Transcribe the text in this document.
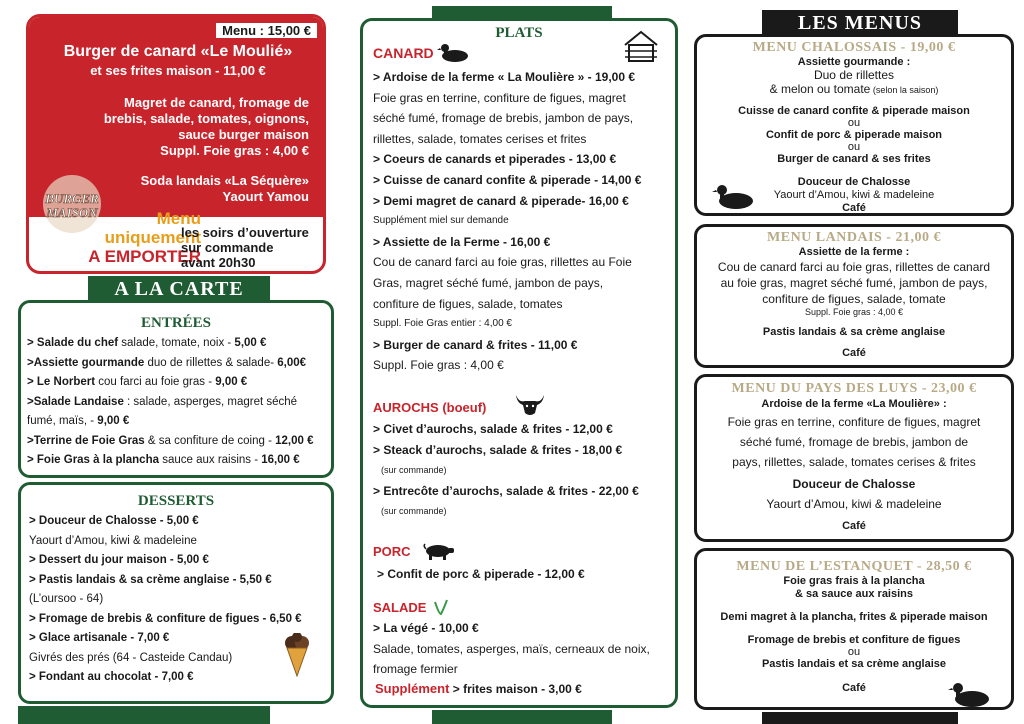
Menu : 15,00 €
Burger de canard «Le Moulié»
et ses frites maison - 11,00 €
Magret de canard, fromage de
brebis, salade, tomates, oignons,
sauce burger maison
Suppl. Foie gras : 4,00 €
Soda landais «La Séquère»
Yaourt Yamou
BURGER
MAISON	Menu
uniquement
A EMPORTER
les soirs d’ouverture
sur commande
avant 20h30
A LA CARTE
ENTRÉES
> Salade du chef salade, tomate, noix - 5,00 €
>Assiette gourmande duo de rillettes & salade- 6,00€
> Le Norbert cou farci au foie gras - 9,00 €
>Salade Landaise : salade, asperges, magret séché
fumé, maïs, - 9,00 €
>Terrine de Foie Gras & sa confiture de coing - 12,00 €
> Foie Gras à la plancha sauce aux raisins - 16,00 €
DESSERTS
> Douceur de Chalosse - 5,00 €
Yaourt d’Amou, kiwi & madeleine
> Dessert du jour maison - 5,00 €
> Pastis landais & sa crème anglaise - 5,50 €
(L’oursoo - 64)
> Fromage de brebis & confiture de figues - 6,50 €
> Glace artisanale - 7,00 €
Givrés des prés (64 - Casteide Candau)
> Fondant au chocolat - 7,00 €
PLATS
CANARD
> Ardoise de la ferme « La Moulière » - 19,00 €
Foie gras en terrine, confiture de figues, magret
séché fumé, fromage de brebis, jambon de pays,
rillettes, salade, tomates cerises et frites
> Coeurs de canards et piperades - 13,00 €
> Cuisse de canard confite & piperade - 14,00 €
> Demi magret de canard & piperade- 16,00 €
Supplément miel sur demande
> Assiette de la Ferme - 16,00 €
Cou de canard farci au foie gras, rillettes au Foie
Gras, magret séché fumé, jambon de pays,
confiture de figues, salade, tomates
Suppl. Foie Gras entier : 4,00 €
> Burger de canard & frites - 11,00 €
Suppl. Foie gras : 4,00 €
AUROCHS (boeuf)
> Civet d’aurochs, salade & frites - 12,00 €
> Steack d’aurochs, salade & frites - 18,00 €
(sur commande)
> Entrecôte d’aurochs, salade & frites - 22,00 €
(sur commande)
PORC
> Confit de porc & piperade - 12,00 €
SALADE
> La végé - 10,00 €
Salade, tomates, asperges, maïs, cerneaux de noix,
fromage fermier
Supplément > frites maison - 3,00 €
LES MENUS
MENU CHALOSSAIS - 19,00 €
Assiette gourmande :
Duo de rillettes
& melon ou tomate (selon la saison)
Cuisse de canard confite & piperade maison
ou
Confit de porc & piperade maison
ou
Burger de canard & ses frites
Douceur de Chalosse
Yaourt d’Amou, kiwi & madeleine
Café
MENU LANDAIS - 21,00 €
Assiette de la ferme :
Cou de canard farci au foie gras, rillettes de canard
au foie gras, magret séché fumé, jambon de pays,
confiture de figues, salade, tomate
Suppl. Foie gras : 4,00 €
Pastis landais & sa crème anglaise
Café
MENU DU PAYS DES LUYS - 23,00 €
Ardoise de la ferme «La Moulière» :
Foie gras en terrine, confiture de figues, magret
séché fumé, fromage de brebis, jambon de
pays, rillettes, salade, tomates cerises & frites
Douceur de Chalosse
Yaourt d’Amou, kiwi & madeleine
Café
MENU DE L’ESTANQUET - 28,50 €
Foie gras frais à la plancha
& sa sauce aux raisins
Demi magret à la plancha, frites & piperade maison
Fromage de brebis et confiture de figues
ou
Pastis landais et sa crème anglaise
Café
